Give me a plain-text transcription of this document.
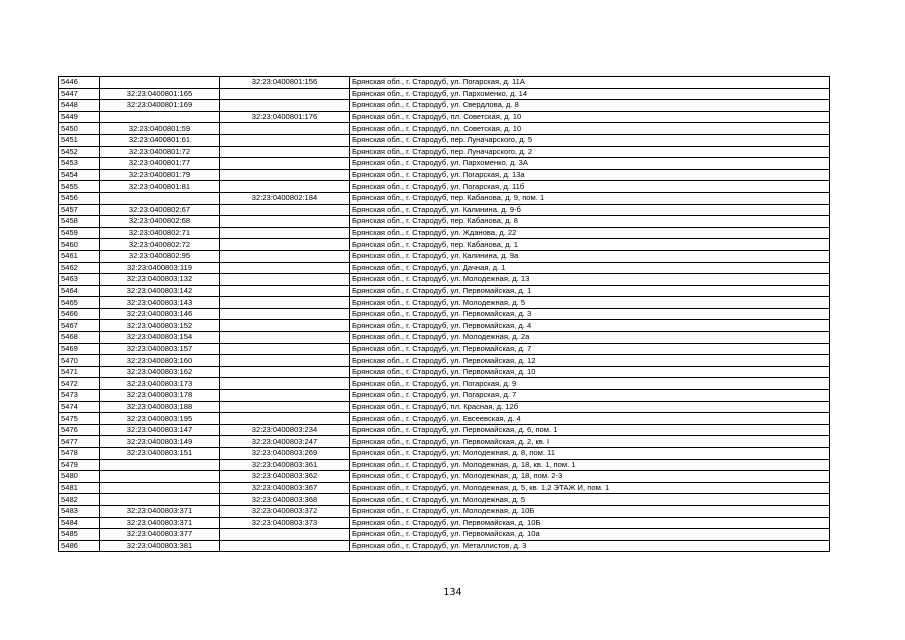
5446		32:23:0400801:156	Брянская обл., г. Стародуб, ул. Погарская, д. 11А
5447	32:23:0400801:165		Брянская обл., г. Стародуб, ул. Пархоменко, д. 14
5448	32:23:0400801:169		Брянская обл., г. Стародуб, ул. Свердлова, д. 8
5449		32:23:0400801:176	Брянская обл., г. Стародуб, пл. Советская, д. 10
5450	32:23:0400801:59		Брянская обл., г. Стародуб, пл. Советская, д. 10
5451	32:23:0400801:61		Брянская обл., г. Стародуб, пер. Луначарского, д. 5
5452	32:23:0400801:72		Брянская обл., г. Стародуб, пер. Луначарского, д. 2
5453	32:23:0400801:77		Брянская обл., г. Стародуб, ул. Пархоменко, д. 3А
5454	32:23:0400801:79		Брянская обл., г. Стародуб, ул. Погарская, д. 13а
5455	32:23:0400801:81		Брянская обл., г. Стародуб, ул. Погарская, д. 11б
5456		32:23:0400802:184	Брянская обл., г. Стародуб, пер. Кабанова, д. 9, пом. 1
5457	32:23:0400802:67		Брянская обл., г. Стародуб, ул. Калинина, д. 9-б
5458	32:23:0400802:68		Брянская обл., г. Стародуб, пер. Кабанова, д. 8
5459	32:23:0400802:71		Брянская обл., г. Стародуб, ул. Жданова, д. 22
5460	32:23:0400802:72		Брянская обл., г. Стародуб, пер. Кабанова, д. 1
5461	32:23:0400802:95		Брянская обл., г. Стародуб, ул. Калинина, д. 9а
5462	32:23:0400803:119		Брянская обл., г. Стародуб, ул. Дачная, д. 1
5463	32:23:0400803:132		Брянская обл., г. Стародуб, ул. Молодежная, д. 13
5464	32:23:0400803:142		Брянская обл., г. Стародуб, ул. Первомайская, д. 1
5465	32:23:0400803:143		Брянская обл., г. Стародуб, ул. Молодежная, д. 5
5466	32:23:0400803:146		Брянская обл., г. Стародуб, ул. Первомайская, д. 3
5467	32:23:0400803:152		Брянская обл., г. Стародуб, ул. Первомайская, д. 4
5468	32:23:0400803:154		Брянская обл., г. Стародуб, ул. Молодежная, д. 2а
5469	32:23:0400803:157		Брянская обл., г. Стародуб, ул. Первомайская, д. 7
5470	32:23:0400803:160		Брянская обл., г. Стародуб, ул. Первомайская, д. 12
5471	32:23:0400803:162		Брянская обл., г. Стародуб, ул. Первомайская, д. 10
5472	32:23:0400803:173		Брянская обл., г. Стародуб, ул. Погарская, д. 9
5473	32:23:0400803:178		Брянская обл., г. Стародуб, ул. Погарская, д. 7
5474	32:23:0400803:188		Брянская обл., г. Стародуб, пл. Красная, д. 12б
5475	32:23:0400803:195		Брянская обл., г. Стародуб, ул. Евсеевская, д. 4
5476	32:23:0400803:147	32:23:0400803:234	Брянская обл., г. Стародуб, ул. Первомайская, д. 6, пом. 1
5477	32:23:0400803:149	32:23:0400803:247	Брянская обл., г. Стародуб, ул. Первомайская, д. 2, кв. I
5478	32:23:0400803:151	32:23:0400803:269	Брянская обл., г. Стародуб, ул. Молодежная, д. 8, пом. 11
5479		32:23:0400803:361	Брянская обл., г. Стародуб, ул. Молодежная, д. 18, кв. 1, пом. 1
5480		32:23:0400803:362	Брянская обл., г. Стародуб, ул. Молодежная, д. 18, пом. 2-3
5481		32:23:0400803:367	Брянская обл., г. Стародуб, ул. Молодежная, д. 5, кв. 1,2 ЭТАЖ И, пом. 1
5482		32:23:0400803:368	Брянская обл., г. Стародуб, ул. Молодежная, д. 5
5483	32:23:0400803:371	32:23:0400803:372	Брянская обл., г. Стародуб, ул. Молодежная, д. 10Б
5484	32:23:0400803:371	32:23:0400803:373	Брянская обл., г. Стародуб, ул. Первомайская, д. 10Б
5485	32:23:0400803:377		Брянская обл., г. Стародуб, ул. Первомайская, д. 10а
5486	32:23:0400803:381		Брянская обл., г. Стародуб, ул. Металлистов, д. 3
134
